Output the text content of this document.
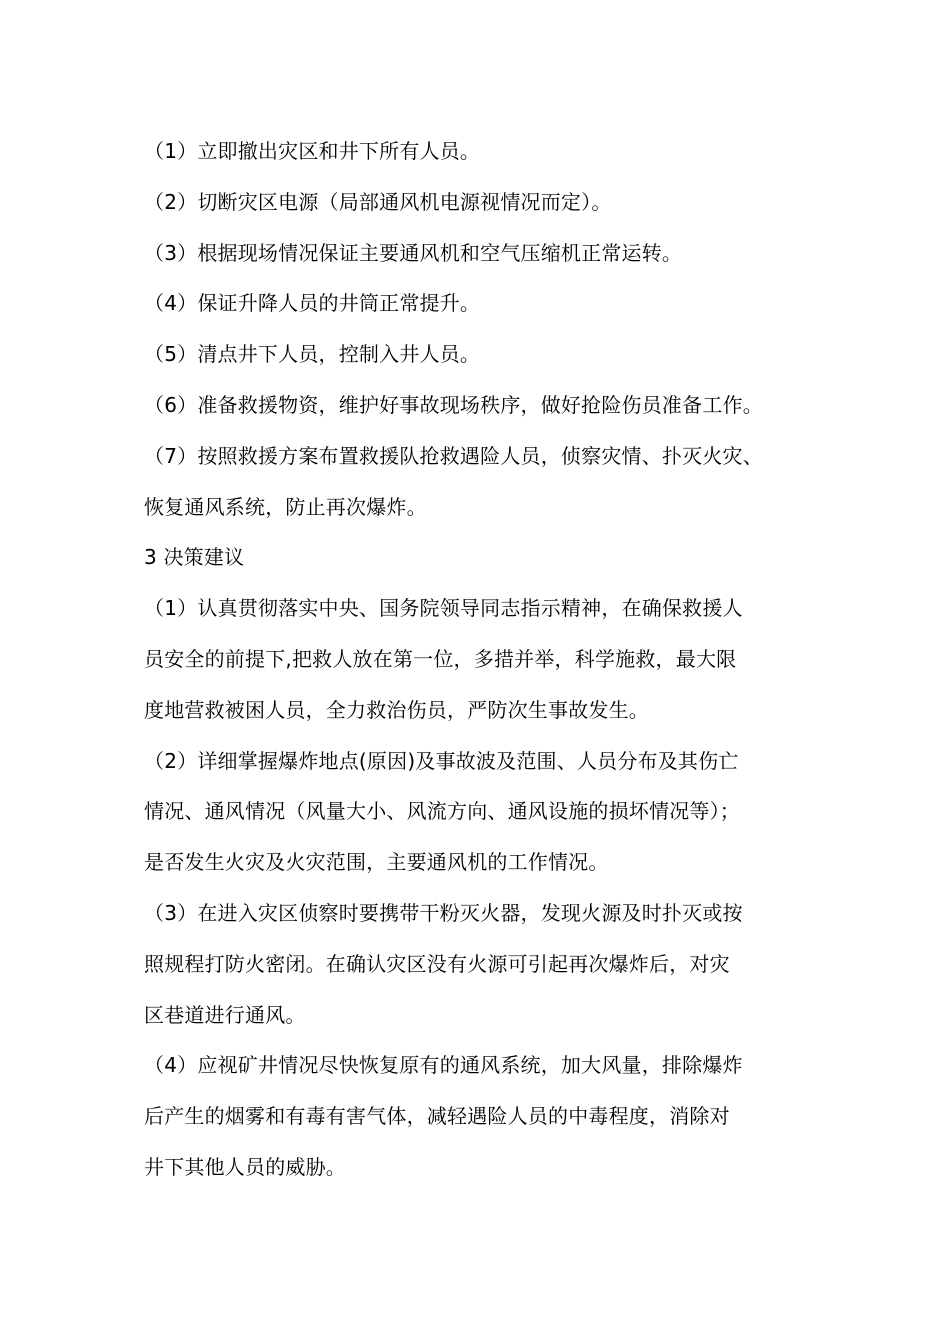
（1）立即撤出灾区和井下所有人员。
（2）切断灾区电源（局部通风机电源视情况而定）。
（3）根据现场情况保证主要通风机和空气压缩机正常运转。
（4）保证升降人员的井筒正常提升。
（5）清点井下人员，控制入井人员。
（6）准备救援物资，维护好事故现场秩序，做好抢险伤员准备工作。
（7）按照救援方案布置救援队抢救遇险人员，侦察灾情、扑灭火灾、
恢复通风系统，防止再次爆炸。
3 决策建议
（1）认真贯彻落实中央、国务院领导同志指示精神，在确保救援人
员安全的前提下,把救人放在第一位，多措并举，科学施救，最大限
度地营救被困人员，全力救治伤员，严防次生事故发生。
（2）详细掌握爆炸地点(原因)及事故波及范围、人员分布及其伤亡
情况、通风情况（风量大小、风流方向、通风设施的损坏情况等）；
是否发生火灾及火灾范围，主要通风机的工作情况。
（3）在进入灾区侦察时要携带干粉灭火器，发现火源及时扑灭或按
照规程打防火密闭。在确认灾区没有火源可引起再次爆炸后，对灾
区巷道进行通风。
（4）应视矿井情况尽快恢复原有的通风系统，加大风量，排除爆炸
后产生的烟雾和有毒有害气体，减轻遇险人员的中毒程度，消除对
井下其他人员的威胁。
